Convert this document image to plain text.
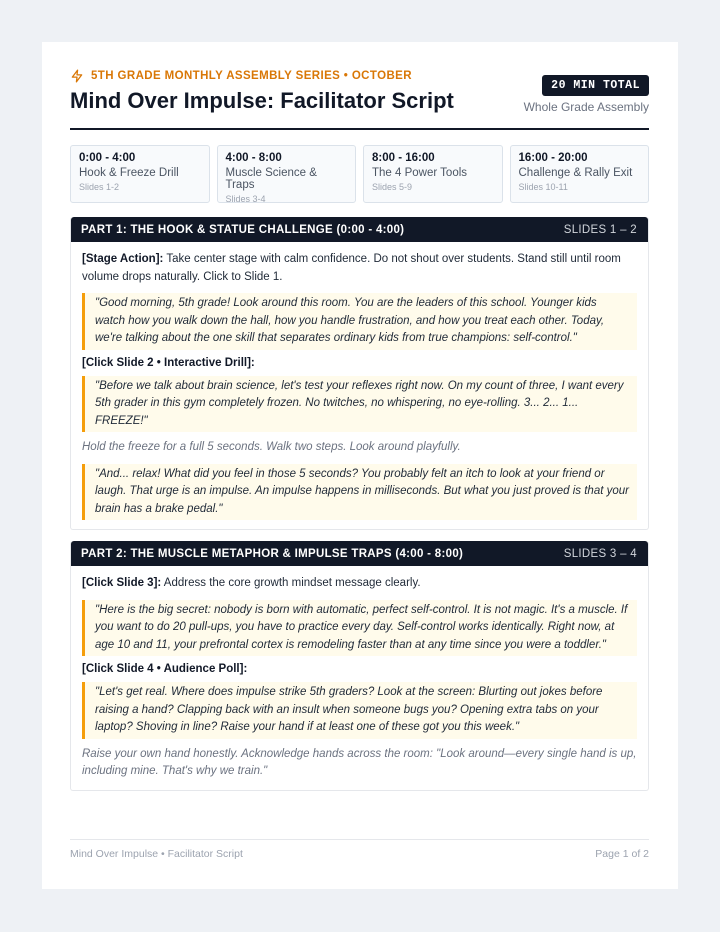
5TH GRADE MONTHLY ASSEMBLY SERIES • OCTOBER
Mind Over Impulse: Facilitator Script
20 MIN TOTAL
Whole Grade Assembly
0:00 - 4:00
Hook & Freeze Drill
Slides 1-2
4:00 - 8:00
Muscle Science & Traps
Slides 3-4
8:00 - 16:00
The 4 Power Tools
Slides 5-9
16:00 - 20:00
Challenge & Rally Exit
Slides 10-11
PART 1: THE HOOK & STATUE CHALLENGE (0:00 - 4:00)	SLIDES 1 – 2
[Stage Action]: Take center stage with calm confidence. Do not shout over students. Stand still until room volume drops naturally. Click to Slide 1.
"Good morning, 5th grade! Look around this room. You are the leaders of this school. Younger kids watch how you walk down the hall, how you handle frustration, and how you treat each other. Today, we're talking about the one skill that separates ordinary kids from true champions: self-control."
[Click Slide 2 • Interactive Drill]:
"Before we talk about brain science, let's test your reflexes right now. On my count of three, I want every 5th grader in this gym completely frozen. No twitches, no whispering, no eye-rolling. 3... 2... 1... FREEZE!"
Hold the freeze for a full 5 seconds. Walk two steps. Look around playfully.
"And... relax! What did you feel in those 5 seconds? You probably felt an itch to look at your friend or laugh. That urge is an impulse. An impulse happens in milliseconds. But what you just proved is that your brain has a brake pedal."
PART 2: THE MUSCLE METAPHOR & IMPULSE TRAPS (4:00 - 8:00)	SLIDES 3 – 4
[Click Slide 3]: Address the core growth mindset message clearly.
"Here is the big secret: nobody is born with automatic, perfect self-control. It is not magic. It's a muscle. If you want to do 20 pull-ups, you have to practice every day. Self-control works identically. Right now, at age 10 and 11, your prefrontal cortex is remodeling faster than at any time since you were a toddler."
[Click Slide 4 • Audience Poll]:
"Let's get real. Where does impulse strike 5th graders? Look at the screen: Blurting out jokes before raising a hand? Clapping back with an insult when someone bugs you? Opening extra tabs on your laptop? Shoving in line? Raise your hand if at least one of these got you this week."
Raise your own hand honestly. Acknowledge hands across the room: "Look around—every single hand is up, including mine. That's why we train."
Mind Over Impulse • Facilitator Script	Page 1 of 2
